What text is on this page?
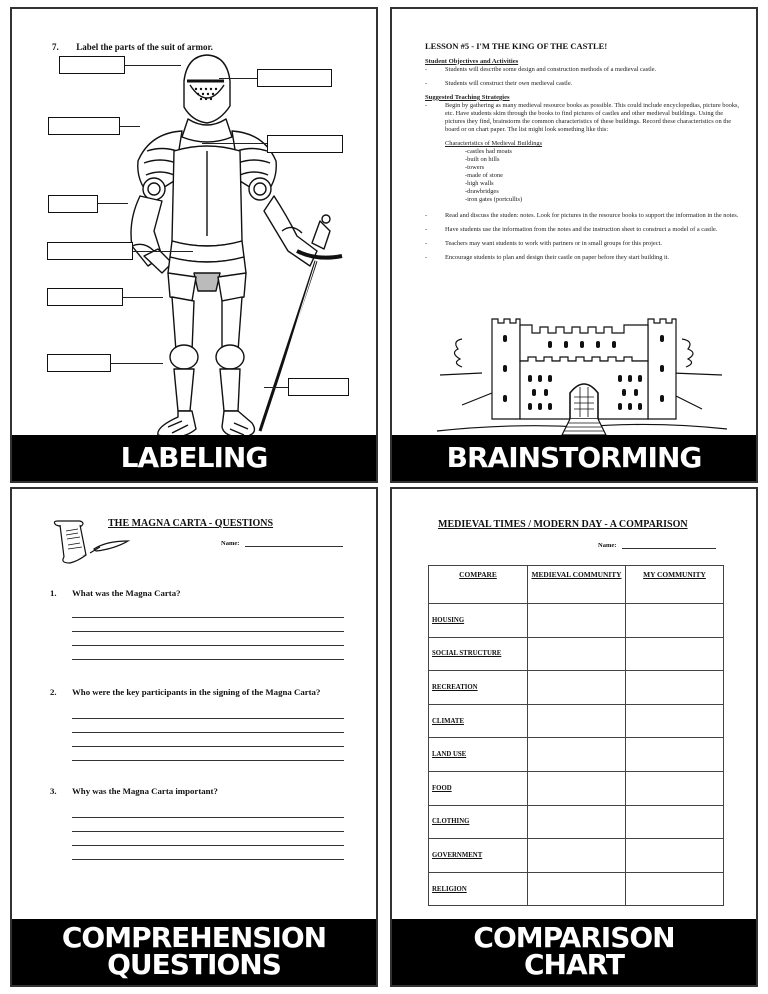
7. Label the parts of the suit of armor.
LABELING
LESSON #5 - I'M THE KING OF THE CASTLE!
Student Objectives and Activities
-	Students will describe some design and construction methods of a medieval castle.
-	Students will construct their own medieval castle.
Suggested Teaching Strategies
-	Begin by gathering as many medieval resource books as possible. This could include encyclopedias, picture books, etc. Have students skim through the books to find pictures of castles and other medieval buildings. Using the pictures they find, brainstorm the common characteristics of these buildings. Record these characteristics on the board or on chart paper. The list might look something like this:
Characteristics of Medieval Buildings
-castles had moats
-built on hills
-towers
-made of stone
-high walls
-drawbridges
-iron gates (portcullis)
-	Read and discuss the studen: notes. Look for pictures in the resource books to support the information in the notes.
-	Have students use the information from the notes and the instruction sheet to construct a model of a castle.
-	Teachers may want students to work with partners or in small groups for this project.
-	Encourage students to plan and design their castle on paper before they start building it.
BRAINSTORMING
THE MAGNA CARTA - QUESTIONS
Name:
1.	What was the Magna Carta?
2.	Who were the key participants in the signing of the Magna Carta?
3.	Why was the Magna Carta important?
COMPREHENSION
QUESTIONS
MEDIEVAL TIMES / MODERN DAY - A COMPARISON
Name:
COMPARE	MEDIEVAL COMMUNITY	MY COMMUNITY
HOUSING		
SOCIAL STRUCTURE		
RECREATION		
CLIMATE		
LAND USE		
FOOD		
CLOTHING		
GOVERNMENT		
RELIGION		
COMPARISON
CHART
